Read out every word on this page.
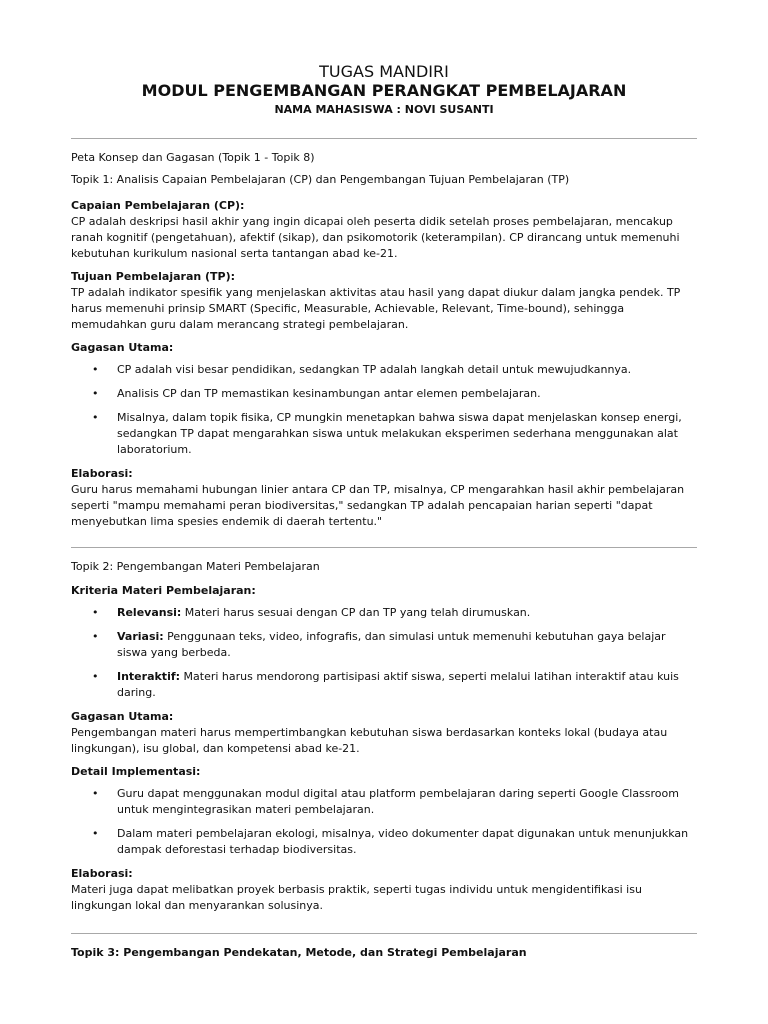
TUGAS MANDIRI
MODUL PENGEMBANGAN PERANGKAT PEMBELAJARAN
NAMA MAHASISWA : NOVI SUSANTI
Peta Konsep dan Gagasan (Topik 1 - Topik 8)
Topik 1: Analisis Capaian Pembelajaran (CP) dan Pengembangan Tujuan Pembelajaran (TP)
Capaian Pembelajaran (CP):
CP adalah deskripsi hasil akhir yang ingin dicapai oleh peserta didik setelah proses pembelajaran, mencakup ranah kognitif (pengetahuan), afektif (sikap), dan psikomotorik (keterampilan). CP dirancang untuk memenuhi kebutuhan kurikulum nasional serta tantangan abad ke-21.
Tujuan Pembelajaran (TP):
TP adalah indikator spesifik yang menjelaskan aktivitas atau hasil yang dapat diukur dalam jangka pendek. TP harus memenuhi prinsip SMART (Specific, Measurable, Achievable, Relevant, Time-bound), sehingga memudahkan guru dalam merancang strategi pembelajaran.
Gagasan Utama:
• CP adalah visi besar pendidikan, sedangkan TP adalah langkah detail untuk mewujudkannya.
• Analisis CP dan TP memastikan kesinambungan antar elemen pembelajaran.
• Misalnya, dalam topik fisika, CP mungkin menetapkan bahwa siswa dapat menjelaskan konsep energi, sedangkan TP dapat mengarahkan siswa untuk melakukan eksperimen sederhana menggunakan alat laboratorium.
Elaborasi:
Guru harus memahami hubungan linier antara CP dan TP, misalnya, CP mengarahkan hasil akhir pembelajaran seperti "mampu memahami peran biodiversitas," sedangkan TP adalah pencapaian harian seperti "dapat menyebutkan lima spesies endemik di daerah tertentu."
Topik 2: Pengembangan Materi Pembelajaran
Kriteria Materi Pembelajaran:
• Relevansi: Materi harus sesuai dengan CP dan TP yang telah dirumuskan.
• Variasi: Penggunaan teks, video, infografis, dan simulasi untuk memenuhi kebutuhan gaya belajar siswa yang berbeda.
• Interaktif: Materi harus mendorong partisipasi aktif siswa, seperti melalui latihan interaktif atau kuis daring.
Gagasan Utama:
Pengembangan materi harus mempertimbangkan kebutuhan siswa berdasarkan konteks lokal (budaya atau lingkungan), isu global, dan kompetensi abad ke-21.
Detail Implementasi:
• Guru dapat menggunakan modul digital atau platform pembelajaran daring seperti Google Classroom untuk mengintegrasikan materi pembelajaran.
• Dalam materi pembelajaran ekologi, misalnya, video dokumenter dapat digunakan untuk menunjukkan dampak deforestasi terhadap biodiversitas.
Elaborasi:
Materi juga dapat melibatkan proyek berbasis praktik, seperti tugas individu untuk mengidentifikasi isu lingkungan lokal dan menyarankan solusinya.
Topik 3: Pengembangan Pendekatan, Metode, dan Strategi Pembelajaran
